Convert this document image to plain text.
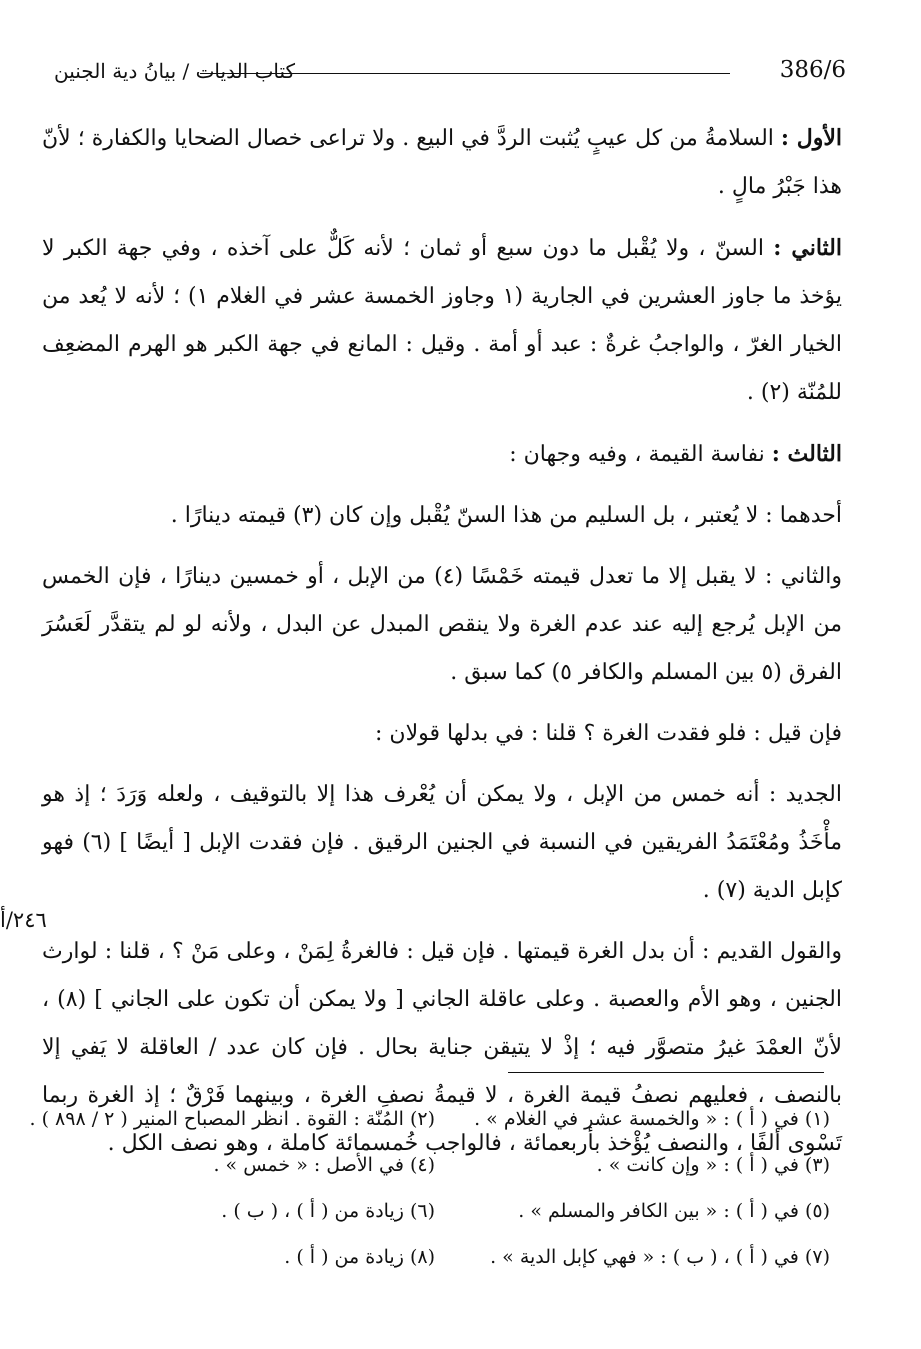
386/6
كتاب الديات / بيانُ دية الجنين

الأول : السلامةُ من كل عيبٍ يُثبت الردَّ في البيع . ولا تراعى خصال الضحايا والكفارة ؛ لأنّ هذا جَبْرُ مالٍ .

الثاني : السنّ ، ولا يُقْبل ما دون سبع أو ثمان ؛ لأنه كَلٌّ على آخذه ، وفي جهة الكبر لا يؤخذ ما جاوز العشرين في الجارية (١ وجاوز الخمسة عشر في الغلام ١) ؛ لأنه لا يُعد من الخيار الغرّ ، والواجبُ غرةٌ : عبد أو أمة . وقيل : المانع في جهة الكبر هو الهرم المضعِف للمُنّة (٢) .

الثالث : نفاسة القيمة ، وفيه وجهان :

أحدهما : لا يُعتبر ، بل السليم من هذا السنّ يُقْبل وإن كان (٣) قيمته دينارًا .

والثاني : لا يقبل إلا ما تعدل قيمته خَمْسًا (٤) من الإبل ، أو خمسين دينارًا ، فإن الخمس من الإبل يُرجع إليه عند عدم الغرة ولا ينقص المبدل عن البدل ، ولأنه لو لم يتقدَّر لَعَسُرَ الفرق (٥ بين المسلم والكافر ٥) كما سبق .

فإن قيل : فلو فقدت الغرة ؟ قلنا : في بدلها قولان :

الجديد : أنه خمس من الإبل ، ولا يمكن أن يُعْرف هذا إلا بالتوقيف ، ولعله وَرَدَ ؛ إذ هو مأْخَذُ ومُعْتَمَدُ الفريقين في النسبة في الجنين الرقيق . فإن فقدت الإبل [ أيضًا ] (٦) فهو كإبل الدية (٧) .

والقول القديم : أن بدل الغرة قيمتها . فإن قيل : فالغرةُ لِمَنْ ، وعلى مَنْ ؟ ، قلنا : لوارث الجنين ، وهو الأم والعصبة . وعلى عاقلة الجاني [ ولا يمكن أن تكون على الجاني ] (٨) ، لأنّ العمْدَ غيرُ متصوَّر فيه ؛ إذْ لا يتيقن جناية بحال . فإن كان عدد / العاقلة لا يَفي إلا بالنصف ، فعليهم نصفُ قيمة الغرة ، لا قيمةُ نصفِ الغرة ، وبينهما فَرْقٌ ؛ إذ الغرة ربما تَسْوى ألفًا ، والنصف يُؤْخذ بأربعمائة ، فالواجب خُمسمائة كاملة ، وهو نصف الكل .

٢٤٦/أ
(١) في ( أ ) : « والخمسة عشر في الغلام » .
(٢) المُنّة : القوة . انظر المصباح المنير ( ٢ / ٨٩٨ ) .
(٣) في ( أ ) : « وإن كانت » .
(٤) في الأصل : « خمس » .
(٥) في ( أ ) : « بين الكافر والمسلم » .
(٦) زيادة من ( أ ) ، ( ب ) .
(٧) في ( أ ) ، ( ب ) : « فهي كإبل الدية » .
(٨) زيادة من ( أ ) .
